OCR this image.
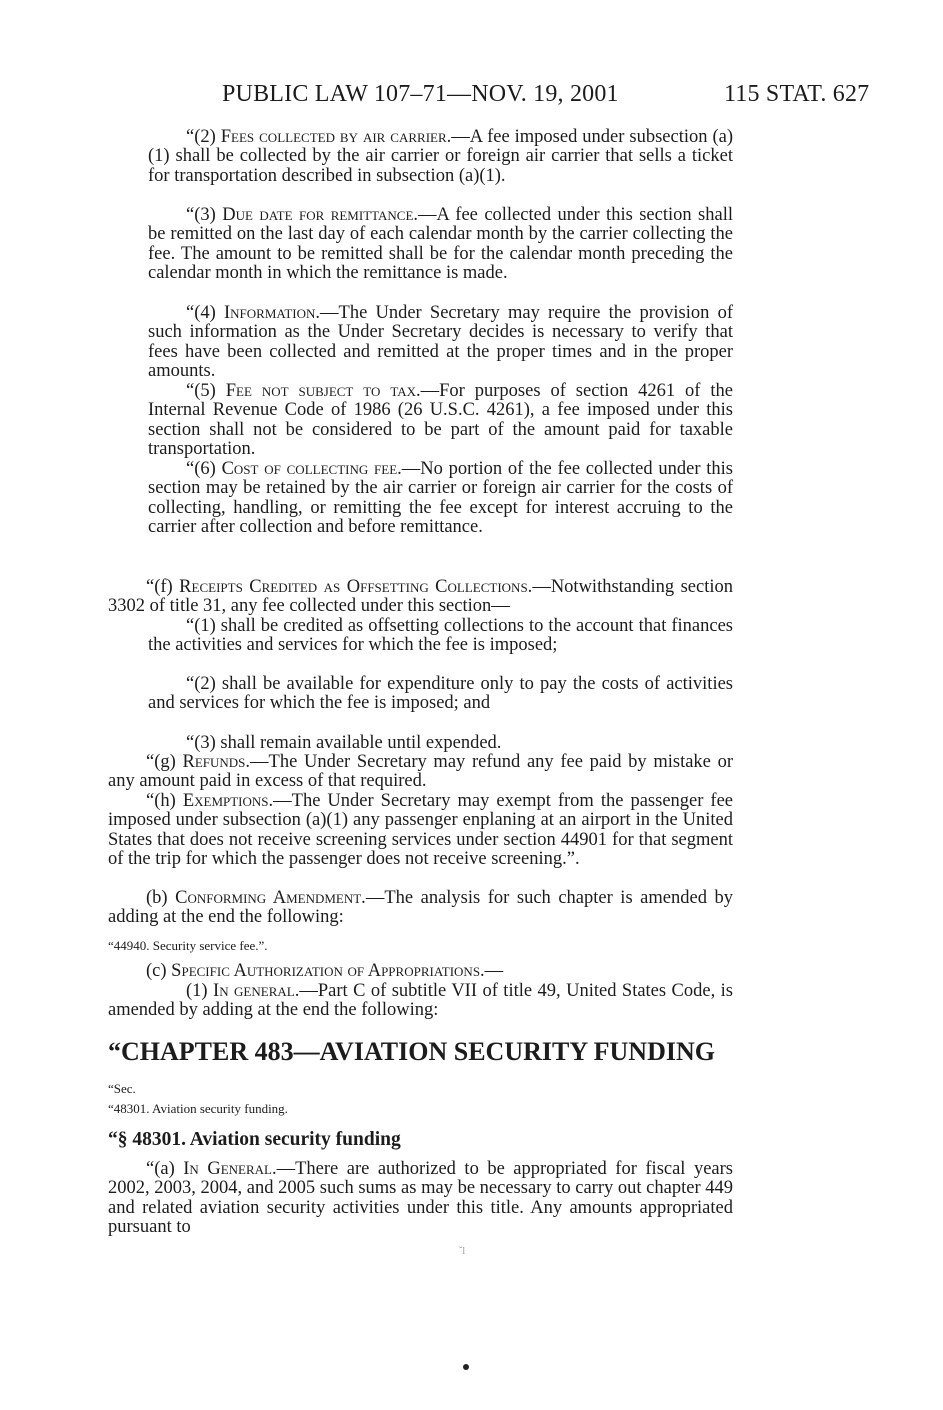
PUBLIC LAW 107–71—NOV. 19, 2001	115 STAT. 627

“(2) Fees collected by air carrier.—A fee imposed under subsection (a)(1) shall be collected by the air carrier or foreign air carrier that sells a ticket for transportation described in subsection (a)(1).

“(3) Due date for remittance.—A fee collected under this section shall be remitted on the last day of each calendar month by the carrier collecting the fee. The amount to be remitted shall be for the calendar month preceding the calendar month in which the remittance is made.

“(4) Information.—The Under Secretary may require the provision of such information as the Under Secretary decides is necessary to verify that fees have been collected and remitted at the proper times and in the proper amounts.

“(5) Fee not subject to tax.—For purposes of section 4261 of the Internal Revenue Code of 1986 (26 U.S.C. 4261), a fee imposed under this section shall not be considered to be part of the amount paid for taxable transportation.

“(6) Cost of collecting fee.—No portion of the fee collected under this section may be retained by the air carrier or foreign air carrier for the costs of collecting, handling, or remitting the fee except for interest accruing to the carrier after collection and before remittance.

“(f) Receipts Credited as Offsetting Collections.—Notwithstanding section 3302 of title 31, any fee collected under this section—

“(1) shall be credited as offsetting collections to the account that finances the activities and services for which the fee is imposed;

“(2) shall be available for expenditure only to pay the costs of activities and services for which the fee is imposed; and

“(3) shall remain available until expended.

“(g) Refunds.—The Under Secretary may refund any fee paid by mistake or any amount paid in excess of that required.

“(h) Exemptions.—The Under Secretary may exempt from the passenger fee imposed under subsection (a)(1) any passenger enplaning at an airport in the United States that does not receive screening services under section 44901 for that segment of the trip for which the passenger does not receive screening.”.

(b) Conforming Amendment.—The analysis for such chapter is amended by adding at the end the following:

“44940. Security service fee.”.

(c) Specific Authorization of Appropriations.—

(1) In general.—Part C of subtitle VII of title 49, United States Code, is amended by adding at the end the following:

“CHAPTER 483—AVIATION SECURITY FUNDING

“Sec.

“48301. Aviation security funding.

“§ 48301. Aviation security funding

“(a) In General.—There are authorized to be appropriated for fiscal years 2002, 2003, 2004, and 2005 such sums as may be necessary to carry out chapter 449 and related aviation security activities under this title. Any amounts appropriated pursuant to

ˇl
